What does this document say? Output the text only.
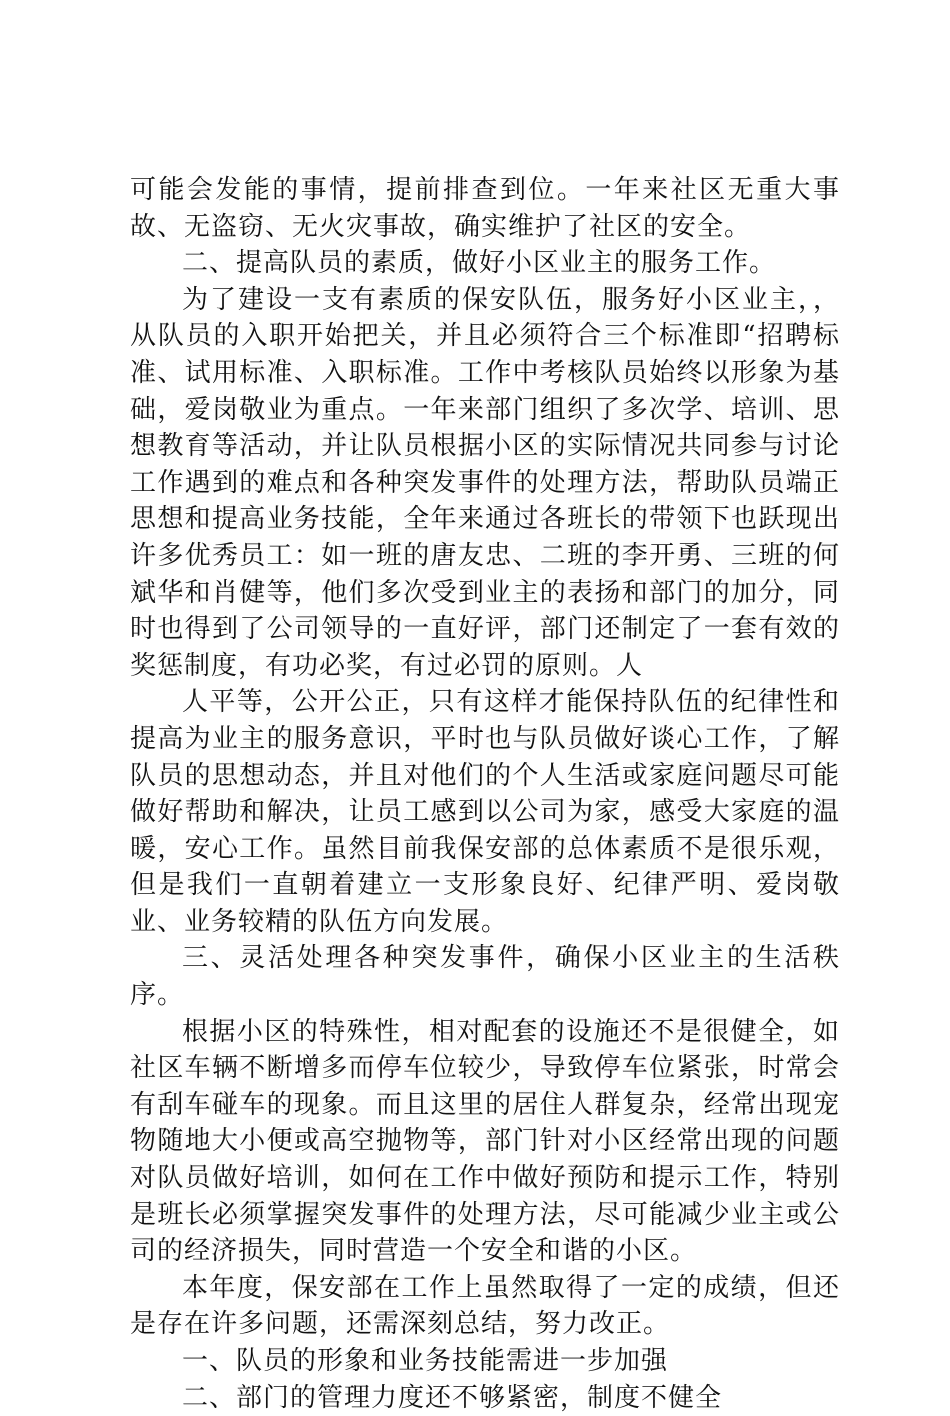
可能会发能的事情，提前排查到位。一年来社区无重大事故、无盗窃、无火灾事故，确实维护了社区的安全。

二、提高队员的素质，做好小区业主的服务工作。

为了建设一支有素质的保安队伍，服务好小区业主，，从队员的入职开始把关，并且必须符合三个标准即“招聘标准、试用标准、入职标准。工作中考核队员始终以形象为基础，爱岗敬业为重点。一年来部门组织了多次学、培训、思想教育等活动，并让队员根据小区的实际情况共同参与讨论工作遇到的难点和各种突发事件的处理方法，帮助队员端正思想和提高业务技能，全年来通过各班长的带领下也跃现出许多优秀员工：如一班的唐友忠、二班的李开勇、三班的何斌华和肖健等，他们多次受到业主的表扬和部门的加分，同时也得到了公司领导的一直好评，部门还制定了一套有效的奖惩制度，有功必奖，有过必罚的原则。人

人平等，公开公正，只有这样才能保持队伍的纪律性和提高为业主的服务意识，平时也与队员做好谈心工作，了解队员的思想动态，并且对他们的个人生活或家庭问题尽可能做好帮助和解决，让员工感到以公司为家，感受大家庭的温暖，安心工作。虽然目前我保安部的总体素质不是很乐观，但是我们一直朝着建立一支形象良好、纪律严明、爱岗敬业、业务较精的队伍方向发展。

三、灵活处理各种突发事件，确保小区业主的生活秩序。

根据小区的特殊性，相对配套的设施还不是很健全，如社区车辆不断增多而停车位较少，导致停车位紧张，时常会有刮车碰车的现象。而且这里的居住人群复杂，经常出现宠物随地大小便或高空抛物等，部门针对小区经常出现的问题对队员做好培训，如何在工作中做好预防和提示工作，特别是班长必须掌握突发事件的处理方法，尽可能减少业主或公司的经济损失，同时营造一个安全和谐的小区。

本年度，保安部在工作上虽然取得了一定的成绩，但还是存在许多问题，还需深刻总结，努力改正。

一、队员的形象和业务技能需进一步加强

二、部门的管理力度还不够紧密，制度不健全
